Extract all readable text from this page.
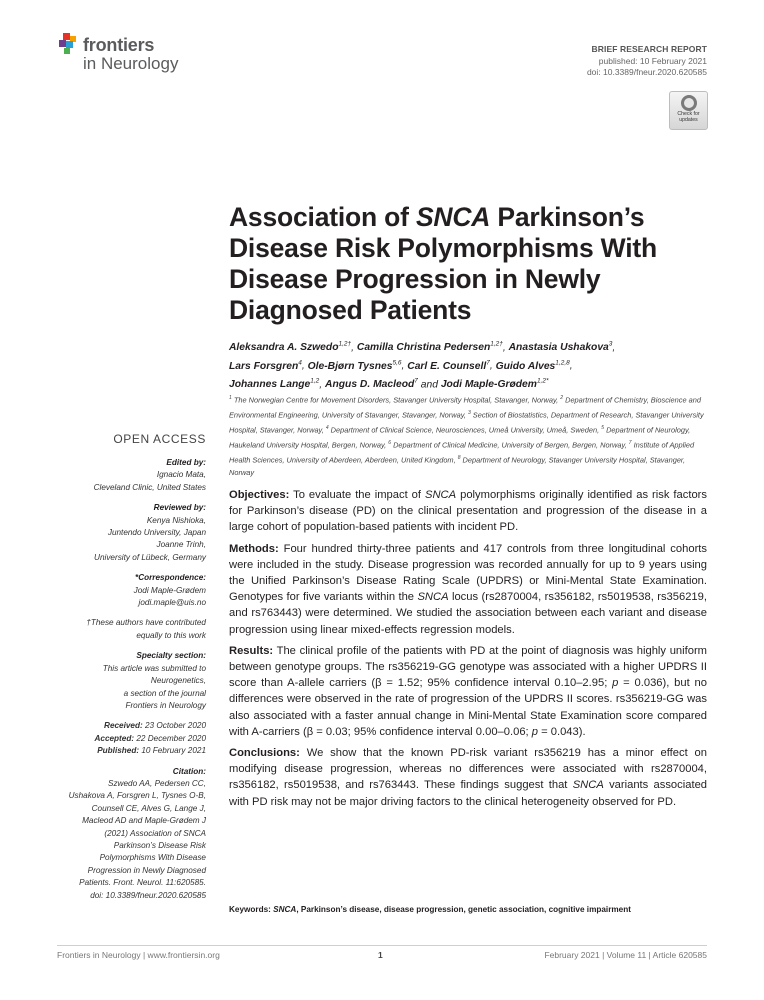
frontiers
in Neurology
BRIEF RESEARCH REPORT
published: 10 February 2021
doi: 10.3389/fneur.2020.620585
Check for updates
Association of SNCA Parkinson’s
Disease Risk Polymorphisms With
Disease Progression in Newly
Diagnosed Patients
Aleksandra A. Szwedo$^{1,2\dagger}$, Camilla Christina Pedersen$^{1,2\dagger}$, Anastasia Ushakova$^3$,
Lars Forsgren$^4$, Ole-Bjørn Tysnes$^{5,6}$, Carl E. Counsell$^7$, Guido Alves$^{1,2,8}$,
Johannes Lange$^{1,2}$, Angus D. Macleod$^7$ and Jodi Maple-Grødem$^{1,2*}$
$^1$ The Norwegian Centre for Movement Disorders, Stavanger University Hospital, Stavanger, Norway, $^2$ Department of Chemistry, Bioscience and Environmental Engineering, University of Stavanger, Stavanger, Norway, $^3$ Section of Biostatistics, Department of Research, Stavanger University Hospital, Stavanger, Norway, $^4$ Department of Clinical Science, Neurosciences, Umeå University, Umeå, Sweden, $^5$ Department of Neurology, Haukeland University Hospital, Bergen, Norway, $^6$ Department of Clinical Medicine, University of Bergen, Bergen, Norway, $^7$ Institute of Applied Health Sciences, University of Aberdeen, Aberdeen, United Kingdom, $^8$ Department of Neurology, Stavanger University Hospital, Stavanger, Norway
OPEN ACCESS
Edited by:
Ignacio Mata,
Cleveland Clinic, United States
Reviewed by:
Kenya Nishioka,
Juntendo University, Japan
Joanne Trinh,
University of Lübeck, Germany
*Correspondence:
Jodi Maple-Grødem
jodi.maple@uis.no
†These authors have contributed
equally to this work
Specialty section:
This article was submitted to
Neurogenetics,
a section of the journal
Frontiers in Neurology
Received: 23 October 2020
Accepted: 22 December 2020
Published: 10 February 2021
Citation:
Szwedo AA, Pedersen CC,
Ushakova A, Forsgren L, Tysnes O-B,
Counsell CE, Alves G, Lange J,
Macleod AD and Maple-Grødem J
(2021) Association of SNCA
Parkinson’s Disease Risk
Polymorphisms With Disease
Progression in Newly Diagnosed
Patients. Front. Neurol. 11:620585.
doi: 10.3389/fneur.2020.620585

Objectives: To evaluate the impact of SNCA polymorphisms originally identified as risk factors for Parkinson’s disease (PD) on the clinical presentation and progression of the disease in a large cohort of population-based patients with incident PD.

Methods: Four hundred thirty-three patients and 417 controls from three longitudinal cohorts were included in the study. Disease progression was recorded annually for up to 9 years using the Unified Parkinson’s Disease Rating Scale (UPDRS) or Mini-Mental State Examination. Genotypes for five variants within the SNCA locus (rs2870004, rs356182, rs5019538, rs356219, and rs763443) were determined. We studied the association between each variant and disease progression using linear mixed-effects regression models.

Results: The clinical profile of the patients with PD at the point of diagnosis was highly uniform between genotype groups. The rs356219-GG genotype was associated with a higher UPDRS II score than A-allele carriers (β = 1.52; 95% confidence interval 0.10–2.95; p = 0.036), but no differences were observed in the rate of progression of the UPDRS II scores. rs356219-GG was also associated with a faster annual change in Mini-Mental State Examination score compared with A-carriers (β = 0.03; 95% confidence interval 0.00–0.06; p = 0.043).

Conclusions: We show that the known PD-risk variant rs356219 has a minor effect on modifying disease progression, whereas no differences were associated with rs2870004, rs356182, rs5019538, and rs763443. These findings suggest that SNCA variants associated with PD risk may not be major driving factors to the clinical heterogeneity observed for PD.

Keywords: SNCA, Parkinson’s disease, disease progression, genetic association, cognitive impairment
Frontiers in Neurology | www.frontiersin.org	1	February 2021 | Volume 11 | Article 620585
